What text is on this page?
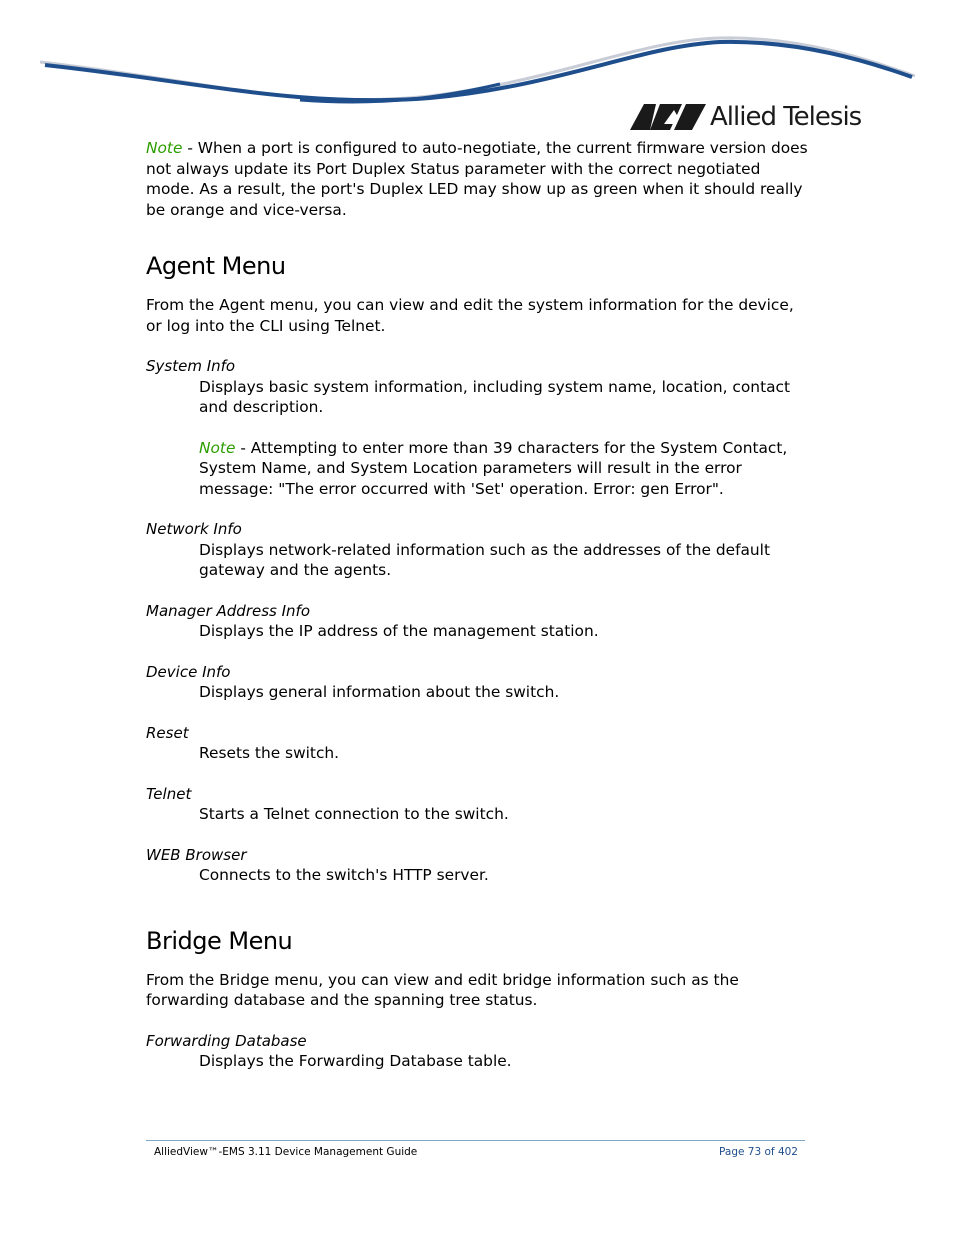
Allied Telesis

Note - When a port is configured to auto-negotiate, the current firmware version does not always update its Port Duplex Status parameter with the correct negotiated mode. As a result, the port's Duplex LED may show up as green when it should really be orange and vice-versa.

Agent Menu

From the Agent menu, you can view and edit the system information for the device, or log into the CLI using Telnet.

System Info

Displays basic system information, including system name, location, contact and description.

Note - Attempting to enter more than 39 characters for the System Contact, System Name, and System Location parameters will result in the error message: "The error occurred with 'Set' operation. Error: gen Error".

Network Info

Displays network-related information such as the addresses of the default gateway and the agents.

Manager Address Info

Displays the IP address of the management station.

Device Info

Displays general information about the switch.

Reset

Resets the switch.

Telnet

Starts a Telnet connection to the switch.

WEB Browser

Connects to the switch's HTTP server.

Bridge Menu

From the Bridge menu, you can view and edit bridge information such as the forwarding database and the spanning tree status.

Forwarding Database

Displays the Forwarding Database table.

AlliedView™-EMS 3.11 Device Management Guide	Page 73 of 402
